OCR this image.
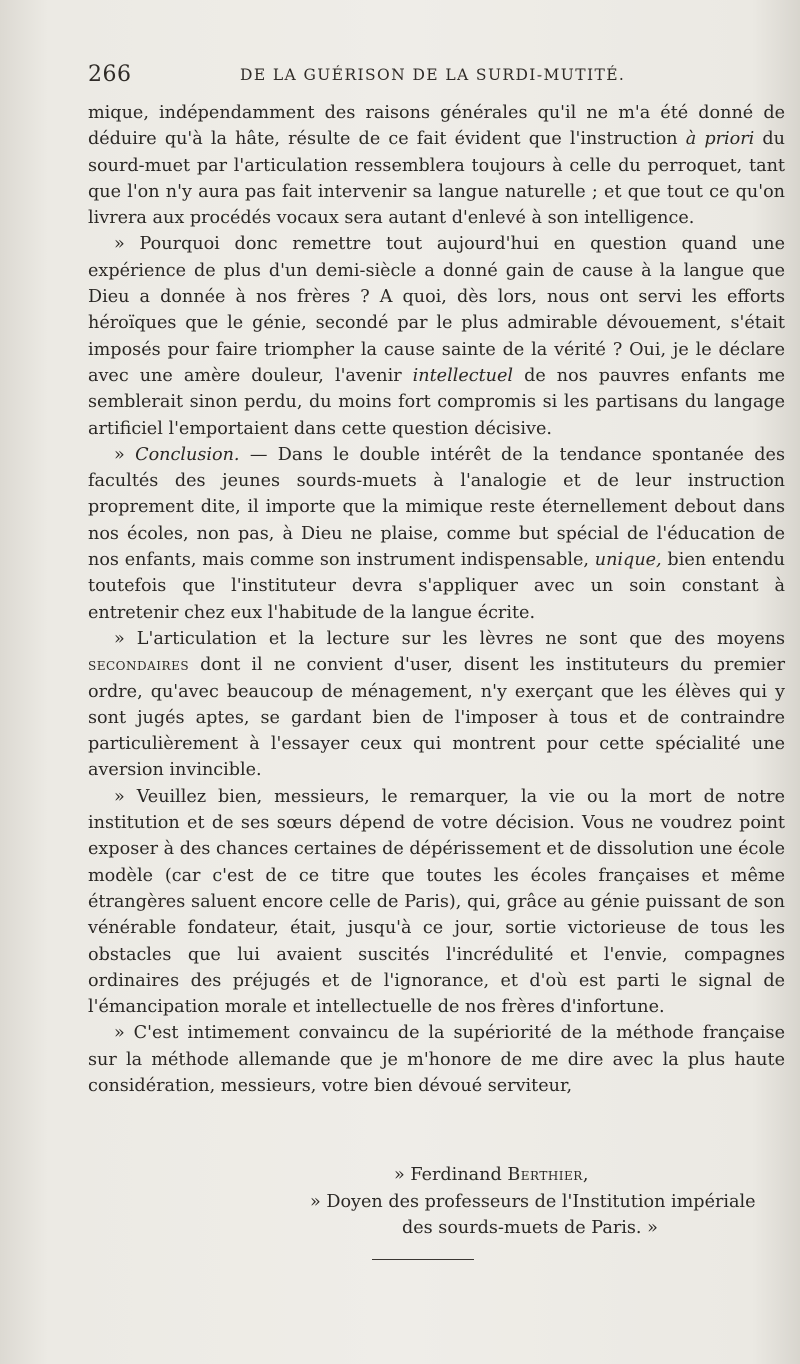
266	DE LA GUÉRISON DE LA SURDI-MUTITÉ.

mique, indépendamment des raisons générales qu'il ne m'a été donné de déduire qu'à la hâte, résulte de ce fait évident que l'instruction à priori du sourd-muet par l'articulation ressemblera toujours à celle du perroquet, tant que l'on n'y aura pas fait intervenir sa langue naturelle ; et que tout ce qu'on livrera aux procédés vocaux sera autant d'enlevé à son intelligence.

» Pourquoi donc remettre tout aujourd'hui en question quand une expérience de plus d'un demi-siècle a donné gain de cause à la langue que Dieu a donnée à nos frères ? A quoi, dès lors, nous ont servi les efforts héroïques que le génie, secondé par le plus admirable dévouement, s'était imposés pour faire triompher la cause sainte de la vérité ? Oui, je le déclare avec une amère douleur, l'avenir intellectuel de nos pauvres enfants me semblerait sinon perdu, du moins fort compromis si les partisans du langage artificiel l'emportaient dans cette question décisive.

» Conclusion. — Dans le double intérêt de la tendance spontanée des facultés des jeunes sourds-muets à l'analogie et de leur instruction proprement dite, il importe que la mimique reste éternellement debout dans nos écoles, non pas, à Dieu ne plaise, comme but spécial de l'éducation de nos enfants, mais comme son instrument indispensable, unique, bien entendu toutefois que l'instituteur devra s'appliquer avec un soin constant à entretenir chez eux l'habitude de la langue écrite.

» L'articulation et la lecture sur les lèvres ne sont que des moyens secondaires dont il ne convient d'user, disent les instituteurs du premier ordre, qu'avec beaucoup de ménagement, n'y exerçant que les élèves qui y sont jugés aptes, se gardant bien de l'imposer à tous et de contraindre particulièrement à l'essayer ceux qui montrent pour cette spécialité une aversion invincible.

» Veuillez bien, messieurs, le remarquer, la vie ou la mort de notre institution et de ses sœurs dépend de votre décision. Vous ne voudrez point exposer à des chances certaines de dépérissement et de dissolution une école modèle (car c'est de ce titre que toutes les écoles françaises et même étrangères saluent encore celle de Paris), qui, grâce au génie puissant de son vénérable fondateur, était, jusqu'à ce jour, sortie victorieuse de tous les obstacles que lui avaient suscités l'incrédulité et l'envie, compagnes ordinaires des préjugés et de l'ignorance, et d'où est parti le signal de l'émancipation morale et intellectuelle de nos frères d'infortune.

» C'est intimement convaincu de la supériorité de la méthode française sur la méthode allemande que je m'honore de me dire avec la plus haute considération, messieurs, votre bien dévoué serviteur,

» Ferdinand Berthier,
» Doyen des professeurs de l'Institution impériale
des sourds-muets de Paris. »
